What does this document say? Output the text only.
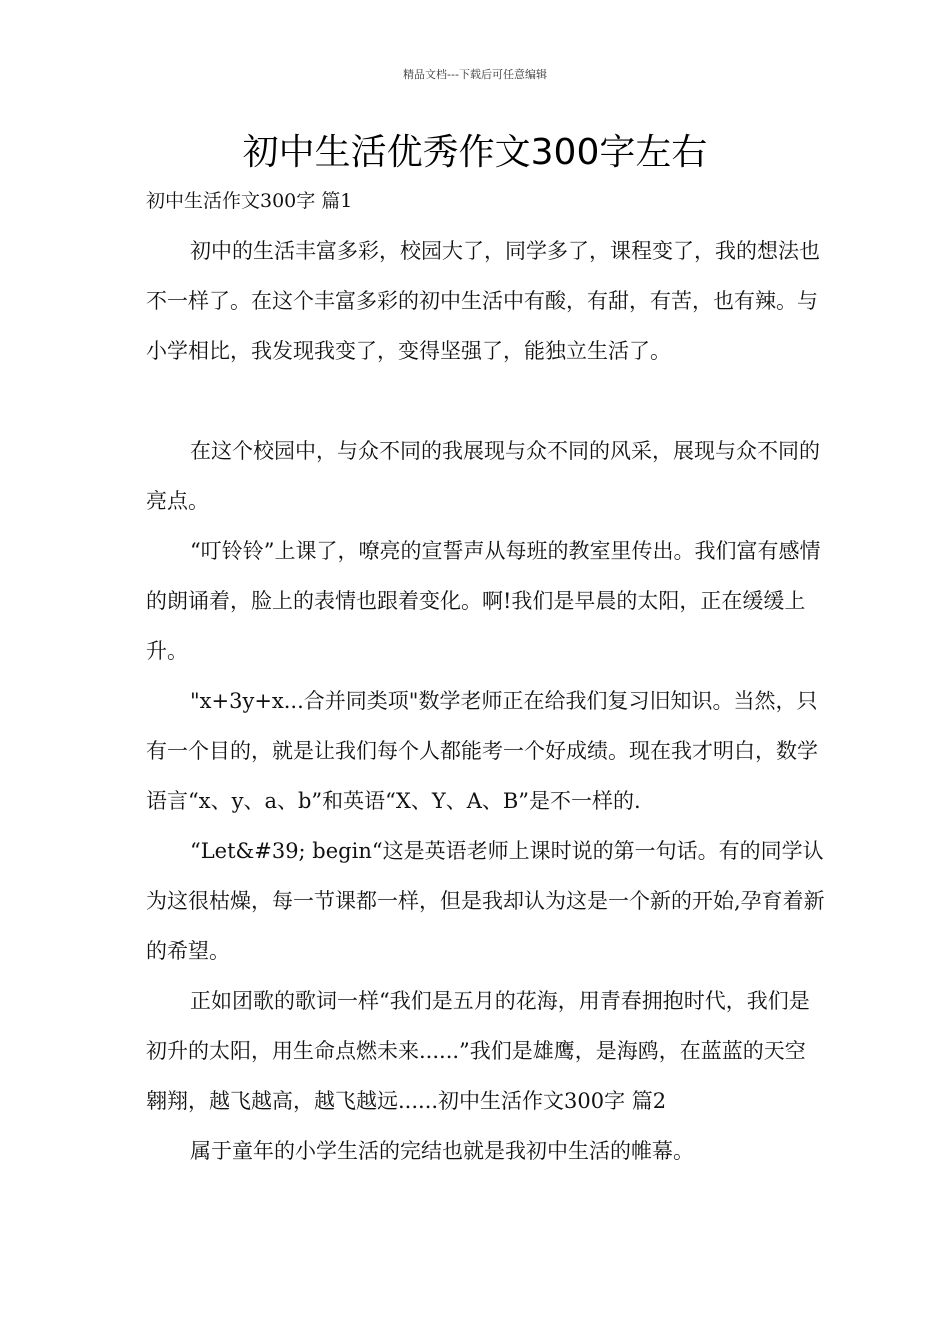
精品文档---下载后可任意编辑
初中生活优秀作文300字左右

初中生活作文300字 篇1

初中的生活丰富多彩，校园大了，同学多了，课程变了，我的想法也不一样了。在这个丰富多彩的初中生活中有酸，有甜，有苦，也有辣。与小学相比，我发现我变了，变得坚强了，能独立生活了。

在这个校园中，与众不同的我展现与众不同的风采，展现与众不同的亮点。

“叮铃铃”上课了，嘹亮的宣誓声从每班的教室里传出。我们富有感情的朗诵着，脸上的表情也跟着变化。啊!我们是早晨的太阳，正在缓缓上升。

"x+3y+x...合并同类项"数学老师正在给我们复习旧知识。当然，只有一个目的，就是让我们每个人都能考一个好成绩。现在我才明白，数学语言“x、y、a、b”和英语“X、Y、A、B”是不一样的.

“Let&#39; begin“这是英语老师上课时说的第一句话。有的同学认为这很枯燥，每一节课都一样，但是我却认为这是一个新的开始,孕育着新的希望。

正如团歌的歌词一样“我们是五月的花海，用青春拥抱时代，我们是初升的太阳，用生命点燃未来......”我们是雄鹰，是海鸥，在蓝蓝的天空翱翔，越飞越高，越飞越远......初中生活作文300字 篇2

属于童年的小学生活的完结也就是我初中生活的帷幕。
